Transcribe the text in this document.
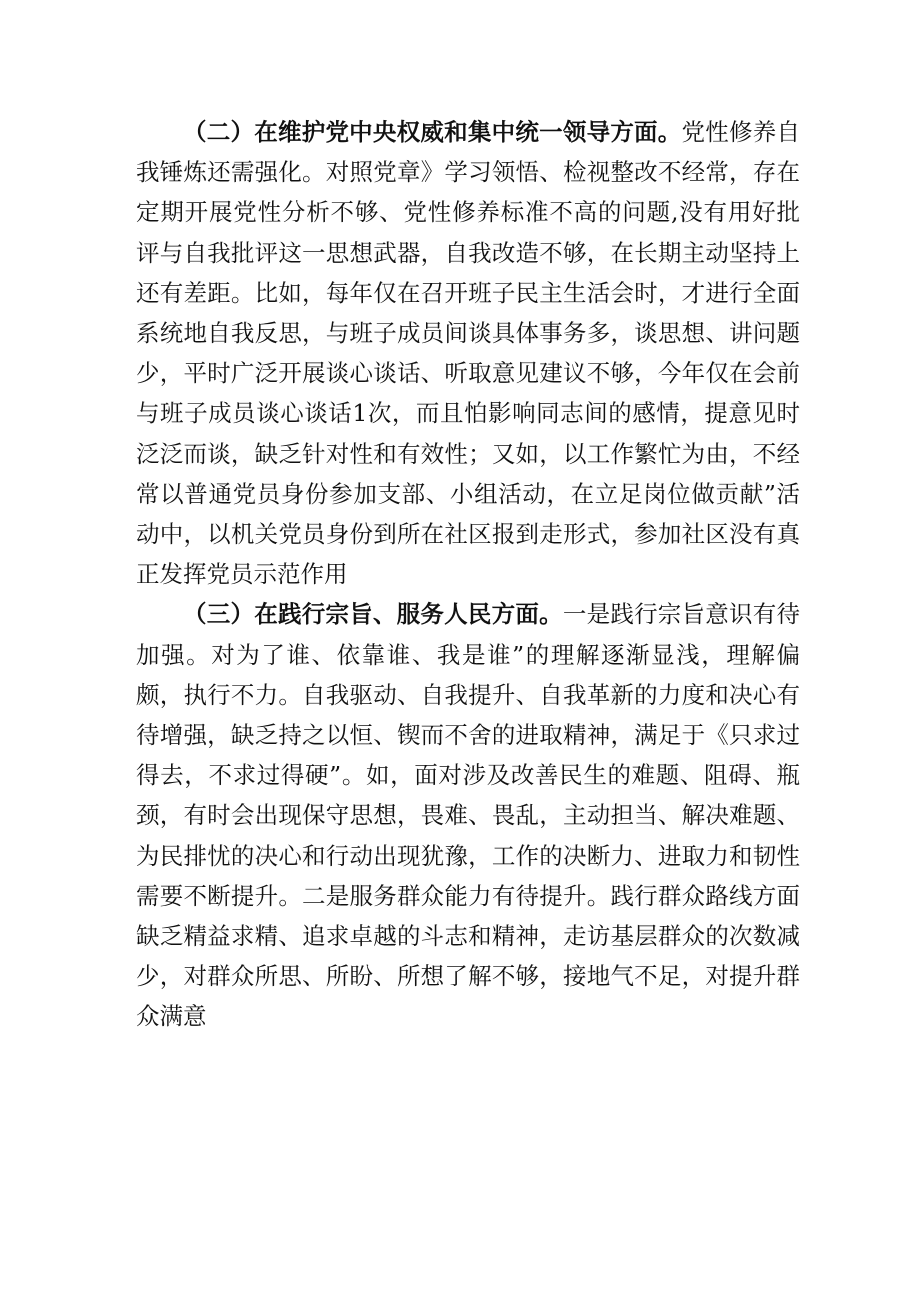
（二）在维护党中央权威和集中统一领导方面。党性修养自我锤炼还需强化。对照党章》学习领悟、检视整改不经常，存在定期开展党性分析不够、党性修养标准不高的问题,没有用好批评与自我批评这一思想武器，自我改造不够，在长期主动坚持上还有差距。比如，每年仅在召开班子民主生活会时，才进行全面系统地自我反思，与班子成员间谈具体事务多，谈思想、讲问题少，平时广泛开展谈心谈话、听取意见建议不够，今年仅在会前与班子成员谈心谈话1次，而且怕影响同志间的感情，提意见时泛泛而谈，缺乏针对性和有效性；又如，以工作繁忙为由，不经常以普通党员身份参加支部、小组活动，在立足岗位做贡献”活动中，以机关党员身份到所在社区报到走形式，参加社区没有真正发挥党员示范作用

（三）在践行宗旨、服务人民方面。一是践行宗旨意识有待加强。对为了谁、依靠谁、我是谁”的理解逐渐显浅，理解偏颇，执行不力。自我驱动、自我提升、自我革新的力度和决心有待增强，缺乏持之以恒、锲而不舍的进取精神，满足于《只求过得去，不求过得硬”。如，面对涉及改善民生的难题、阻碍、瓶颈，有时会出现保守思想，畏难、畏乱，主动担当、解决难题、为民排忧的决心和行动出现犹豫，工作的决断力、进取力和韧性需要不断提升。二是服务群众能力有待提升。践行群众路线方面缺乏精益求精、追求卓越的斗志和精神，走访基层群众的次数减少，对群众所思、所盼、所想了解不够，接地气不足，对提升群众满意
